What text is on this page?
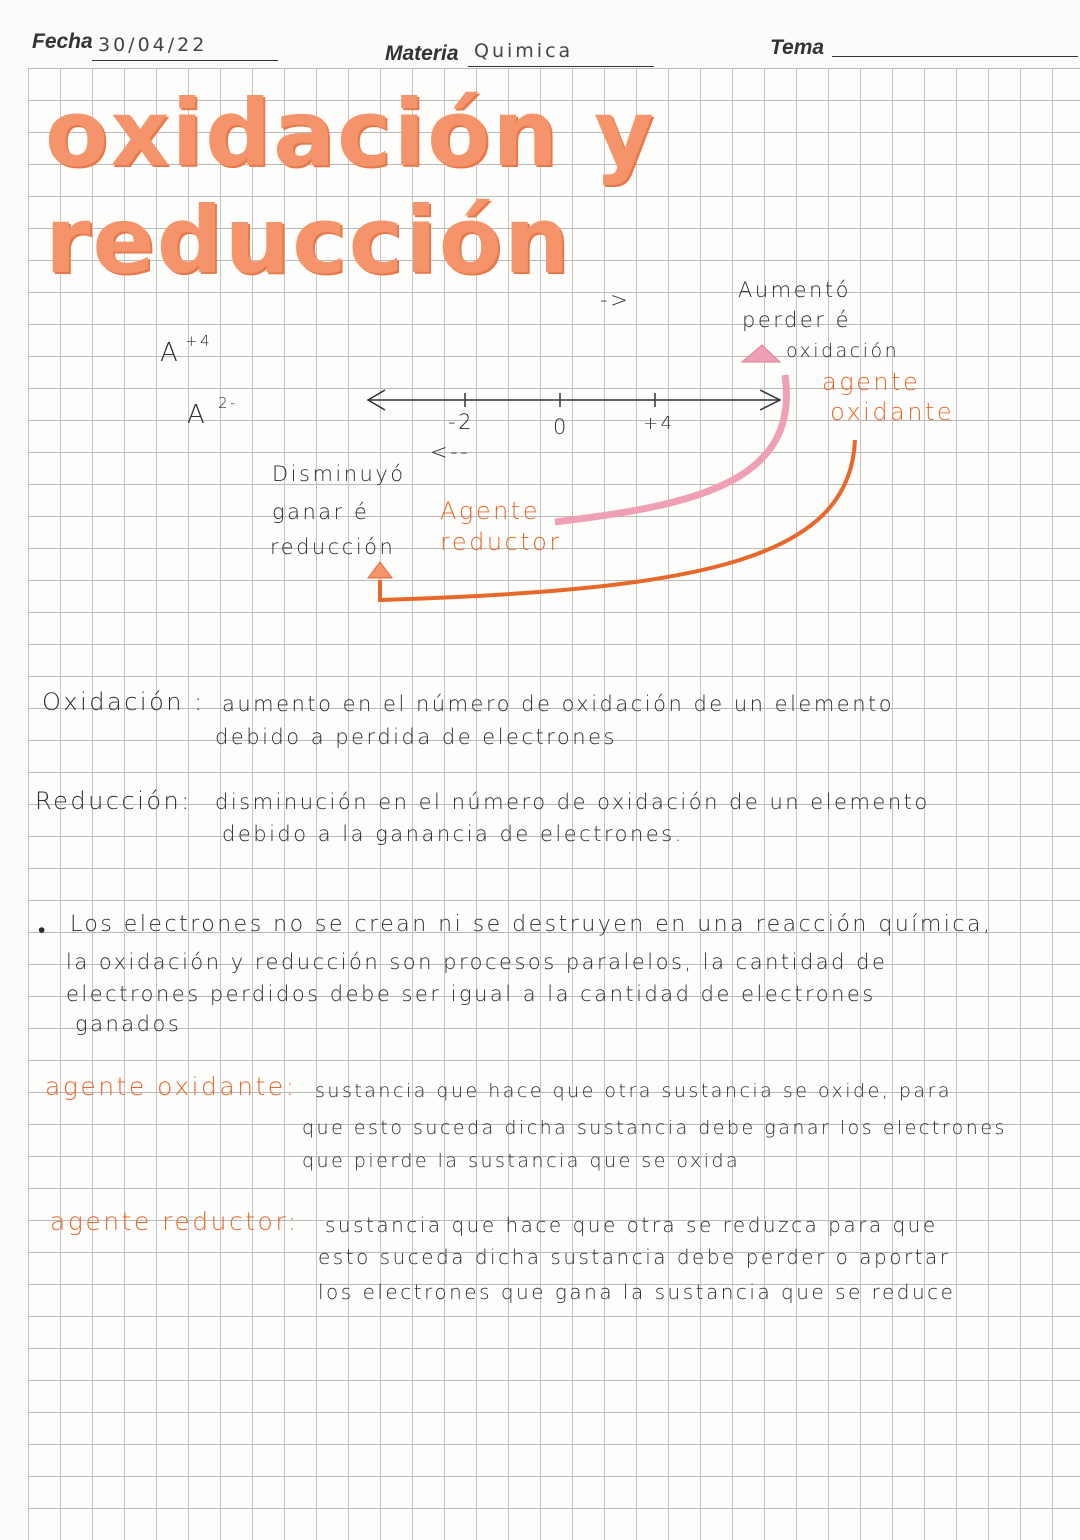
Fecha 30/04/22	Materia Quimica	Tema
oxidación y reducción
A +4
A 2-
-2	0	+4
->
<--
Aumentó
perder é
oxidación
agente
oxidante
Disminuyó
ganar é
reducción
Agente
reductor
Oxidación : aumento en el número de oxidación de un elemento
debido a perdida de electrones
Reducción: disminución en el número de oxidación de un elemento
debido a la ganancia de electrones.
• Los electrones no se crean ni se destruyen en una reacción química,
la oxidación y reducción son procesos paralelos, la cantidad de
electrones perdidos debe ser igual a la cantidad de electrones
ganados
agente oxidante: sustancia que hace que otra sustancia se oxide, para
que esto suceda dicha sustancia debe ganar los electrones
que pierde la sustancia que se oxida
agente reductor: sustancia que hace que otra se reduzca para que
esto suceda dicha sustancia debe perder o aportar
los electrones que gana la sustancia que se reduce
